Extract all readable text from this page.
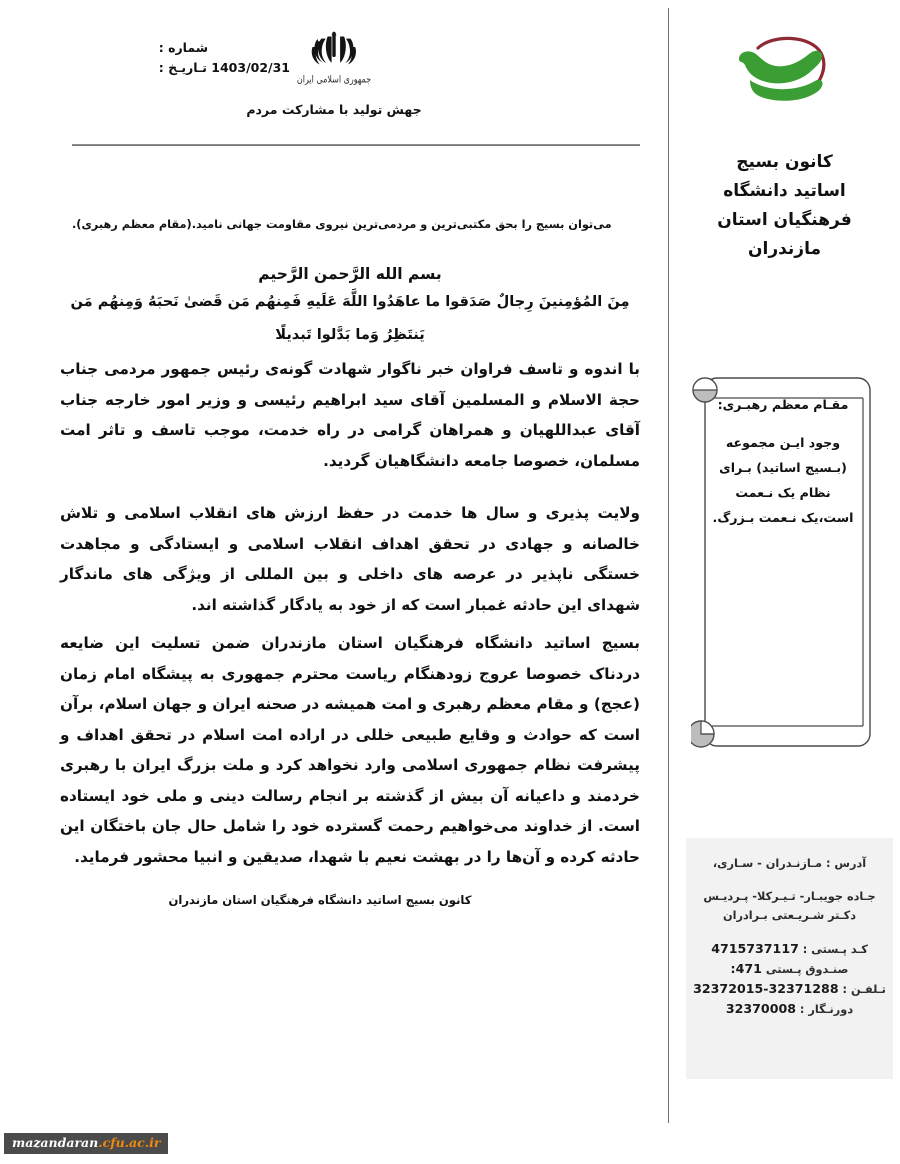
شماره :
1403/02/31 تـاریـخ :
جمهوری اسلامی ایران
جهش تولید با مشارکت مردم
می‌توان بسیج را بحق مکتبی‌ترین و مردمی‌ترین نیروی مقاومت جهانی نامید.(مقام معظم رهبری).
بسم الله الرَّحمن الرَّحیم
مِنَ المُؤمِنینَ رِجالٌ صَدَقوا ما عاهَدُوا اللَّهَ عَلَیهِ فَمِنهُم مَن قَضیٰ نَحبَهُ وَمِنهُم مَن
یَنتَظِرُ وَما بَدَّلوا تَبدیلًا

با اندوه و تاسف فراوان خبر ناگوار شهادت گونه‌ی رئیس جمهور مردمی جناب حجة الاسلام و المسلمین آقای سید ابراهیم رئیسی و وزیر امور خارجه جناب آقای عبداللهیان و همراهان گرامی در راه خدمت، موجب تاسف و تاثر امت مسلمان، خصوصا جامعه دانشگاهیان گردید.

ولایت پذیری و سال ها خدمت در حفظ ارزش های انقلاب اسلامی و تلاش خالصانه و جهادی در تحقق اهداف انقلاب اسلامی و ایستادگی و مجاهدت خستگی ناپذیر در عرصه های داخلی و بین المللی از ویژگی های ماندگار شهدای این حادثه غمبار است که از خود به یادگار گذاشته اند.

بسیج اساتید دانشگاه فرهنگیان استان مازندران ضمن تسلیت این ضایعه دردناک خصوصا عروج زودهنگام ریاست محترم جمهوری به پیشگاه امام زمان (عجج) و مقام معظم رهبری و امت همیشه در صحنه ایران و جهان اسلام، برآن است که حوادث و وقایع طبیعی خللی در اراده امت اسلام در تحقق اهداف و پیشرفت نظام جمهوری اسلامی وارد نخواهد کرد و ملت بزرگ ایران با رهبری خردمند و داعیانه آن بیش از گذشته بر انجام رسالت دینی و ملی خود ایستاده است. از خداوند می‌خواهیم رحمت گسترده خود را شامل حال جان باختگان این حادثه کرده و آن‌ها را در بهشت نعیم با شهدا، صدیقین و انبیا محشور فرماید.

کانون بسیج اساتید دانشگاه فرهنگیان استان مازندران
کانون بسیج
اساتید دانشگاه
فرهنگیان استان
مازندران
مقـام معظم رهبـری:
وجود ایـن مجموعه (بـسیج اساتید) بـرای نظام یک نـعمت است،یک نـعمت بـزرگ.
آدرس : مـازنـدران - سـاری،
جـاده جویبـار- تـیـرکلا- پـردیـس دکـتر شـریـعتی بـرادران
کـد پـستی : 4715737117
صنـدوق پـستی 471:
تـلفـن : 32371288-32372015
دورنـگار : 32370008
mazandaran.cfu.ac.ir
